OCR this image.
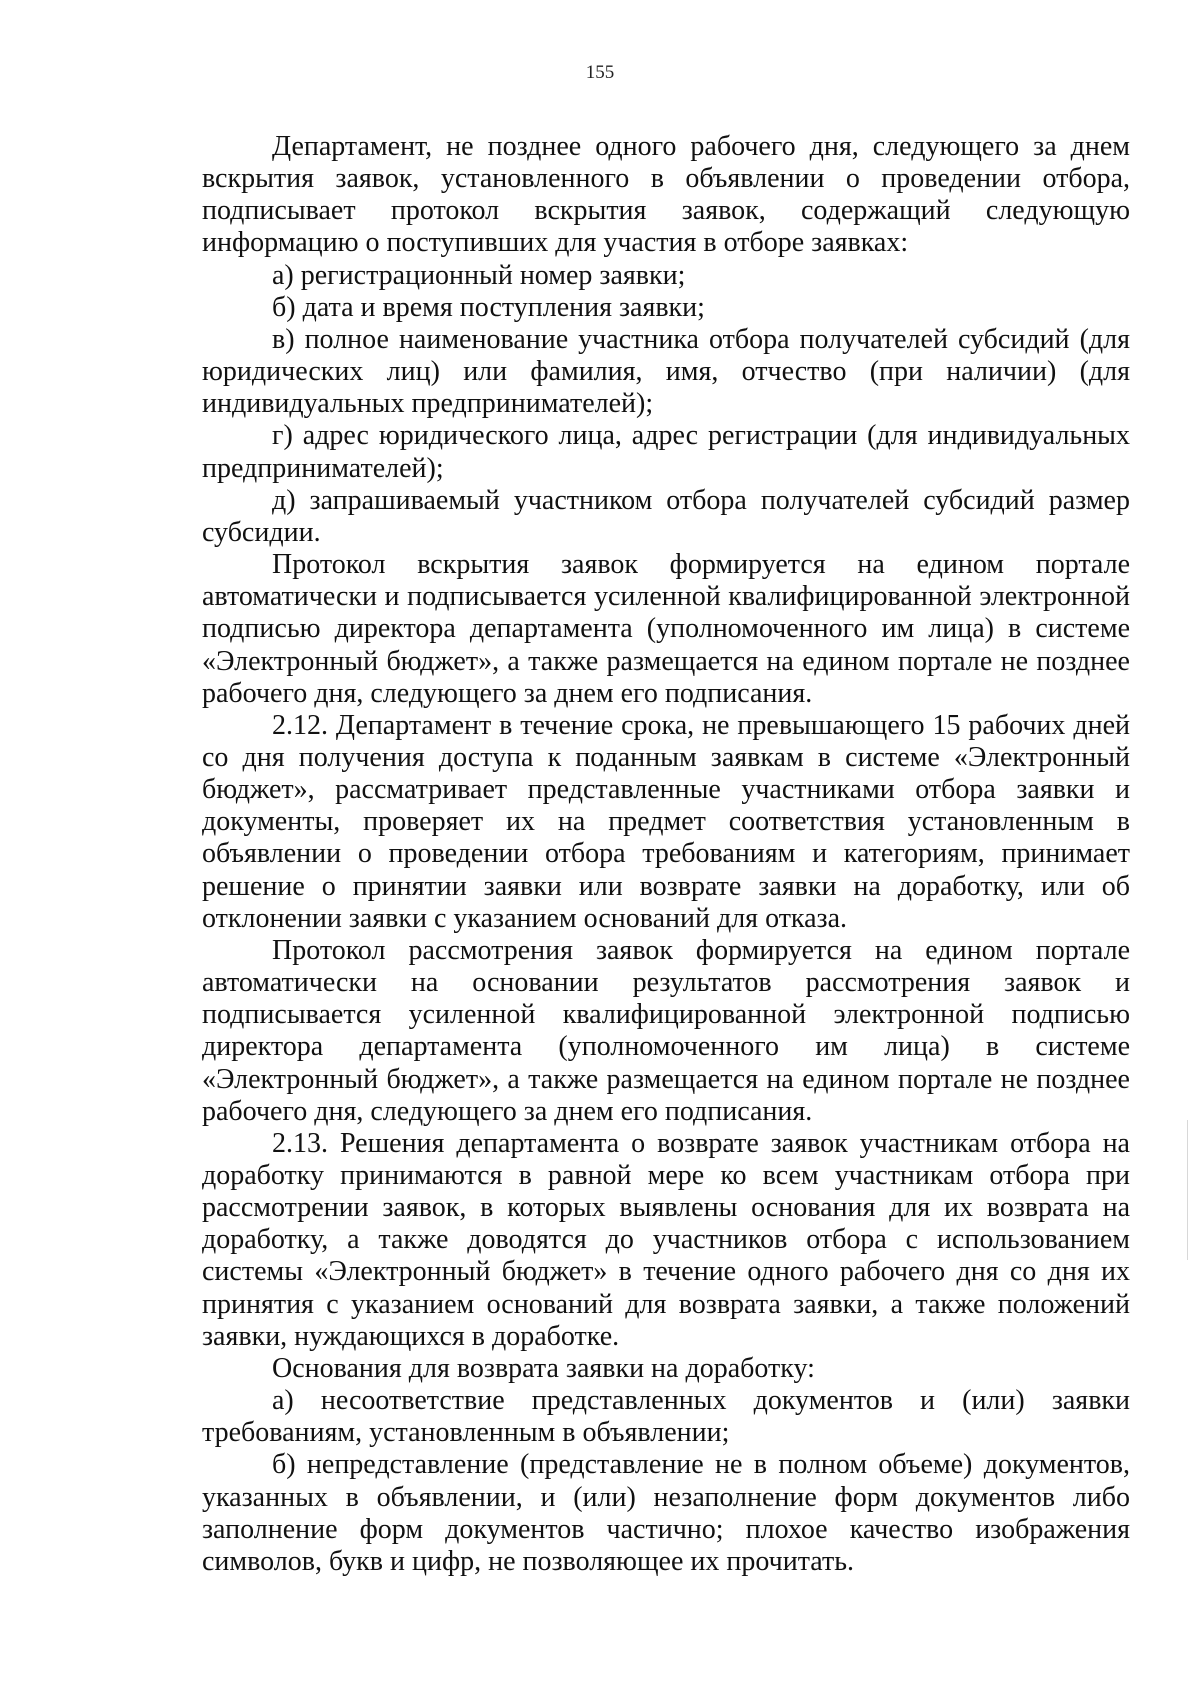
155

Департамент, не позднее одного рабочего дня, следующего за днем вскрытия заявок, установленного в объявлении о проведении отбора, подписывает протокол вскрытия заявок, содержащий следующую информацию о поступивших для участия в отборе заявках:

а) регистрационный номер заявки;

б) дата и время поступления заявки;

в) полное наименование участника отбора получателей субсидий (для юридических лиц) или фамилия, имя, отчество (при наличии) (для индивидуальных предпринимателей);

г) адрес юридического лица, адрес регистрации (для индивидуальных предпринимателей);

д) запрашиваемый участником отбора получателей субсидий размер субсидии.

Протокол вскрытия заявок формируется на едином портале автоматически и подписывается усиленной квалифицированной электронной подписью директора департамента (уполномоченного им лица) в системе «Электронный бюджет», а также размещается на едином портале не позднее рабочего дня, следующего за днем его подписания.

2.12. Департамент в течение срока, не превышающего 15 рабочих дней со дня получения доступа к поданным заявкам в системе «Электронный бюджет», рассматривает представленные участниками отбора заявки и документы, проверяет их на предмет соответствия установленным в объявлении о проведении отбора требованиям и категориям, принимает решение о принятии заявки или возврате заявки на доработку, или об отклонении заявки с указанием оснований для отказа.

Протокол рассмотрения заявок формируется на едином портале автоматически на основании результатов рассмотрения заявок и подписывается усиленной квалифицированной электронной подписью директора департамента (уполномоченного им лица) в системе «Электронный бюджет», а также размещается на едином портале не позднее рабочего дня, следующего за днем его подписания.

2.13. Решения департамента о возврате заявок участникам отбора на доработку принимаются в равной мере ко всем участникам отбора при рассмотрении заявок, в которых выявлены основания для их возврата на доработку, а также доводятся до участников отбора с использованием системы «Электронный бюджет» в течение одного рабочего дня со дня их принятия с указанием оснований для возврата заявки, а также положений заявки, нуждающихся в доработке.

Основания для возврата заявки на доработку:

а) несоответствие представленных документов и (или) заявки требованиям, установленным в объявлении;

б) непредставление (представление не в полном объеме) документов, указанных в объявлении, и (или) незаполнение форм документов либо заполнение форм документов частично; плохое качество изображения символов, букв и цифр, не позволяющее их прочитать.
